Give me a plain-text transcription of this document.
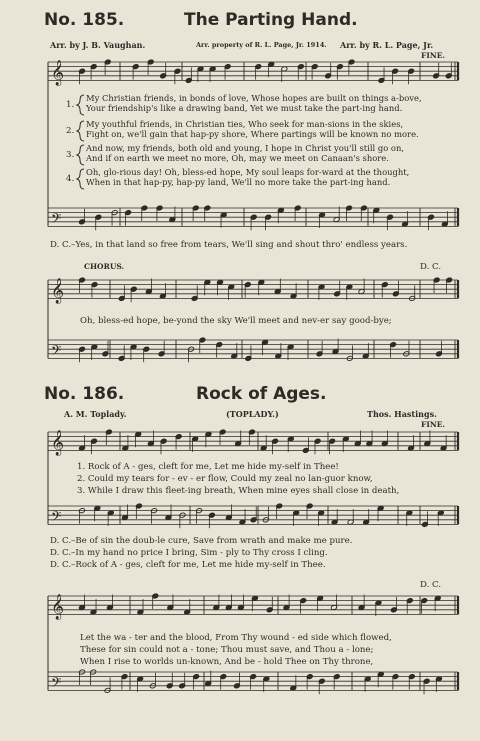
No. 185.	The Parting Hand.
Arr. by J. B. Vaughan.	Arr. property of R. L. Page, Jr. 1914. Arr. by R. L. Page, Jr.
FINE.
1.
My Christian friends, in bonds of love, Whose hopes are built on things a-bove,
Your friendship's like a drawing band, Yet we must take the part-ing hand.
2.
My youthful friends, in Christian ties, Who seek for man-sions in the skies,
Fight on, we'll gain that hap-py shore, Where partings will be known no more.
3.
And now, my friends, both old and young, I hope in Christ you'll still go on,
And if on earth we meet no more, Oh, may we meet on Canaan's shore.
4.
Oh, glo-rious day! Oh, bless-ed hope, My soul leaps for-ward at the thought,
When in that hap-py, hap-py land, We'll no more take the part-ing hand.
D. C.–Yes, in that land so free from tears, We'll sing and shout thro' endless years.
CHORUS.	D. C.
Oh, bless-ed hope, be-yond the sky We'll meet and nev-er say good-bye;
No. 186.	Rock of Ages.
A. M. Toplady.	(TOPLADY.)	Thos. Hastings.
FINE.
1. Rock of A - ges, cleft for me, Let me hide my-self in Thee!
2. Could my tears for - ev - er flow, Could my zeal no lan-guor know,
3. While I draw this fleet-ing breath, When mine eyes shall close in death,
D. C.–Be of sin the doub-le cure, Save from wrath and make me pure.
D. C.–In my hand no price I bring, Sim - ply to Thy cross I cling.
D. C.–Rock of A - ges, cleft for me, Let me hide my-self in Thee.
D. C.
Let the wa - ter and the blood, From Thy wound - ed side which flowed,
These for sin could not a - tone; Thou must save, and Thou a - lone;
When I rise to worlds un-known, And be - hold Thee on Thy throne,
𝄞
𝄢
𝄞
𝄢
𝄞
𝄢
𝄞
𝄢
